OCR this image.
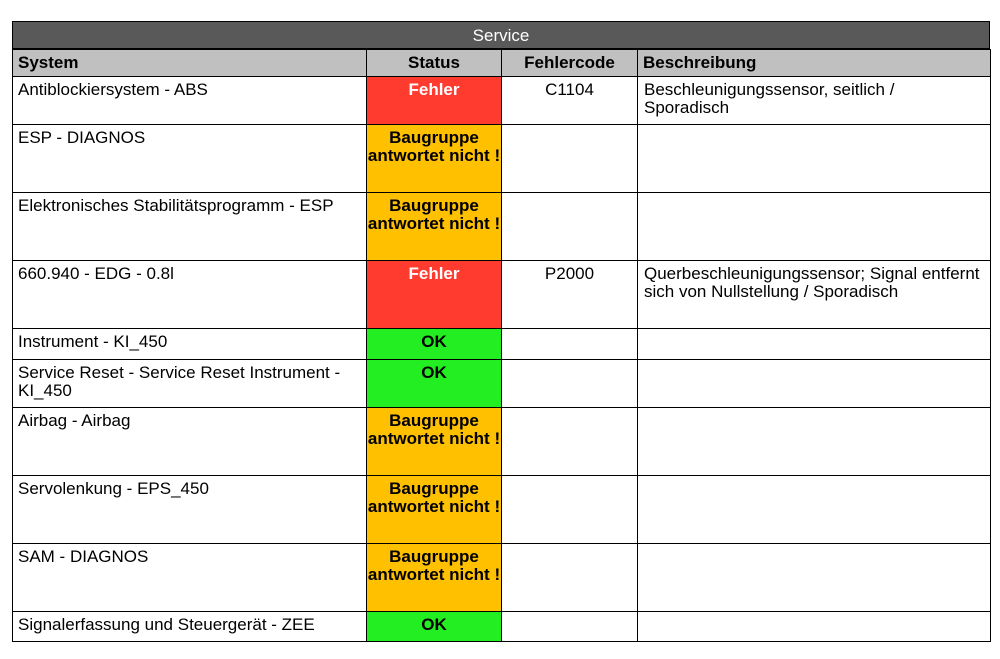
Service
System	Status	Fehlercode	Beschreibung
Antiblockiersystem - ABS	Fehler	C1104	Beschleunigungssensor, seitlich / Sporadisch
ESP - DIAGNOS	Baugruppe antwortet nicht !		
Elektronisches Stabilitätsprogramm - ESP	Baugruppe antwortet nicht !		
660.940 - EDG - 0.8l	Fehler	P2000	Querbeschleunigungssensor; Signal entfernt sich von Nullstellung / Sporadisch
Instrument - KI_450	OK		
Service Reset - Service Reset Instrument - KI_450	OK		
Airbag - Airbag	Baugruppe antwortet nicht !		
Servolenkung - EPS_450	Baugruppe antwortet nicht !		
SAM - DIAGNOS	Baugruppe antwortet nicht !		
Signalerfassung und Steuergerät - ZEE	OK		
